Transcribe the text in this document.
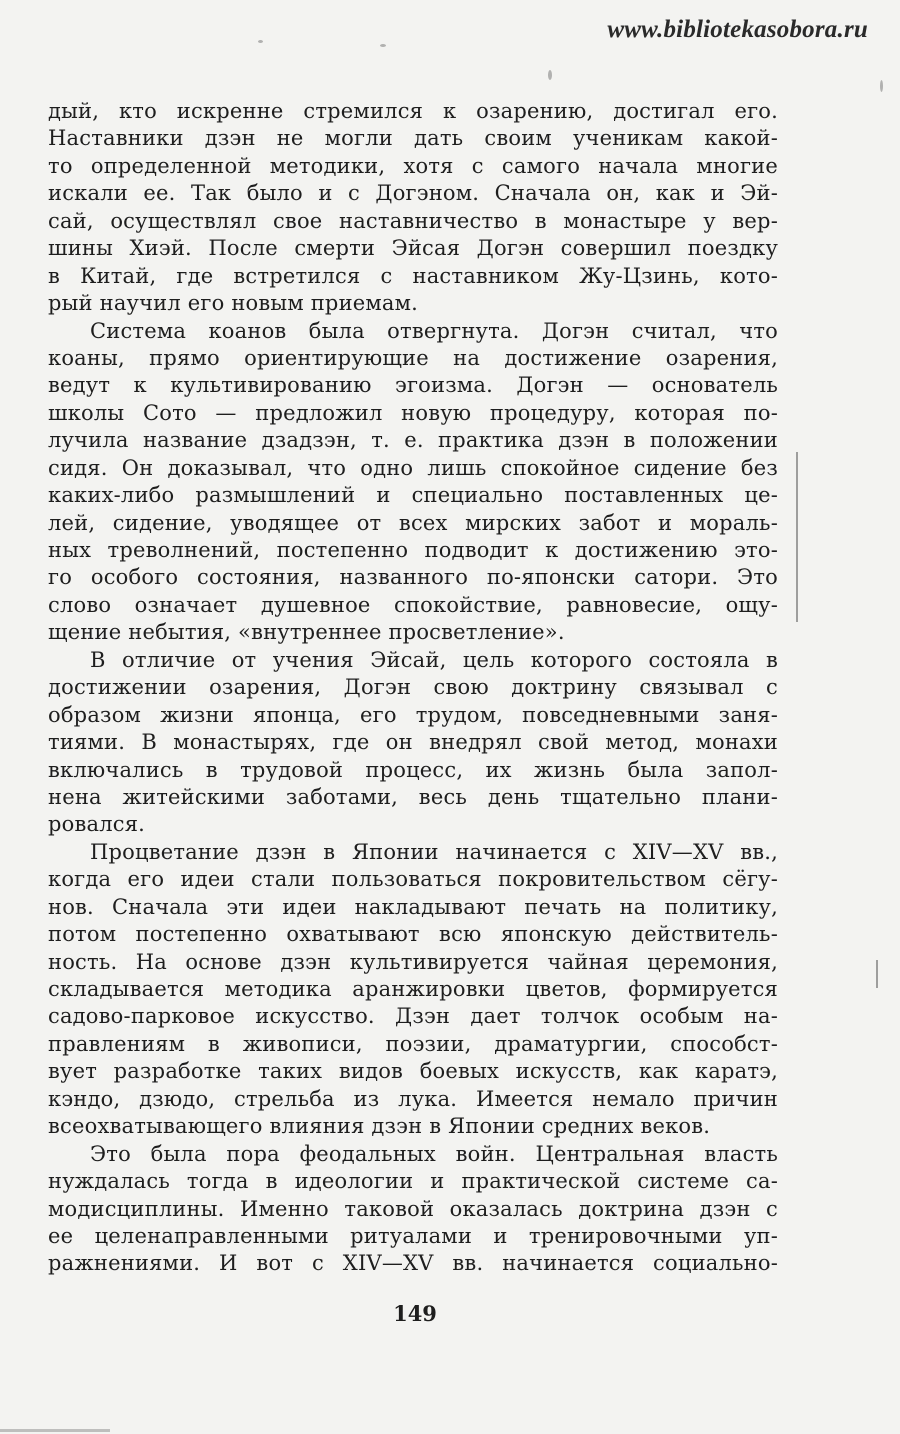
www.bibliotekasobora.ru
дый, кто искренне стремился к озарению, достигал его.
Наставники дзэн не могли дать своим ученикам какой-
то определенной методики, хотя с самого начала многие
искали ее. Так было и с Догэном. Сначала он, как и Эй-
сай, осуществлял свое наставничество в монастыре у вер-
шины Хиэй. После смерти Эйсая Догэн совершил поездку
в Китай, где встретился с наставником Жу-Цзинь, кото-
рый научил его новым приемам.
Система коанов была отвергнута. Догэн считал, что
коаны, прямо ориентирующие на достижение озарения,
ведут к культивированию эгоизма. Догэн — основатель
школы Сото — предложил новую процедуру, которая по-
лучила название дзадзэн, т. е. практика дзэн в положении
сидя. Он доказывал, что одно лишь спокойное сидение без
каких-либо размышлений и специально поставленных це-
лей, сидение, уводящее от всех мирских забот и мораль-
ных треволнений, постепенно подводит к достижению это-
го особого состояния, названного по-японски сатори. Это
слово означает душевное спокойствие, равновесие, ощу-
щение небытия, «внутреннее просветление».
В отличие от учения Эйсай, цель которого состояла в
достижении озарения, Догэн свою доктрину связывал с
образом жизни японца, его трудом, повседневными заня-
тиями. В монастырях, где он внедрял свой метод, монахи
включались в трудовой процесс, их жизнь была запол-
нена житейскими заботами, весь день тщательно плани-
ровался.
Процветание дзэн в Японии начинается с XIV—XV вв.,
когда его идеи стали пользоваться покровительством сёгу-
нов. Сначала эти идеи накладывают печать на политику,
потом постепенно охватывают всю японскую действитель-
ность. На основе дзэн культивируется чайная церемония,
складывается методика аранжировки цветов, формируется
садово-парковое искусство. Дзэн дает толчок особым на-
правлениям в живописи, поэзии, драматургии, способст-
вует разработке таких видов боевых искусств, как каратэ,
кэндо, дзюдо, стрельба из лука. Имеется немало причин
всеохватывающего влияния дзэн в Японии средних веков.
Это была пора феодальных войн. Центральная власть
нуждалась тогда в идеологии и практической системе са-
модисциплины. Именно таковой оказалась доктрина дзэн с
ее целенаправленными ритуалами и тренировочными уп-
ражнениями. И вот с XIV—XV вв. начинается социально-
149
